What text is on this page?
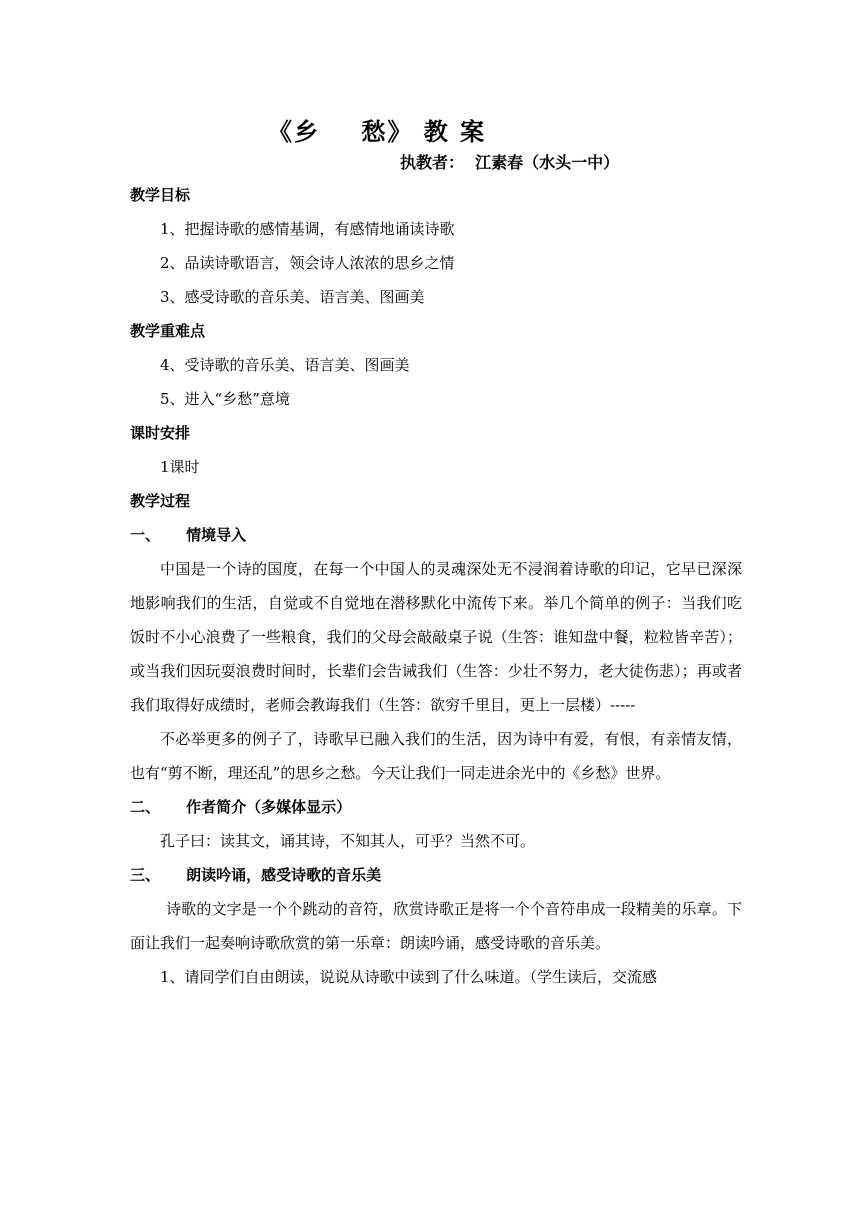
《乡    愁》 教 案
执教者：  江素春（水头一中）
教学目标
1、把握诗歌的感情基调，有感情地诵读诗歌
2、品读诗歌语言，领会诗人浓浓的思乡之情
3、感受诗歌的音乐美、语言美、图画美
教学重难点
4、受诗歌的音乐美、语言美、图画美
5、进入“乡愁”意境
课时安排
1课时
教学过程
一、     情境导入
中国是一个诗的国度，在每一个中国人的灵魂深处无不浸润着诗歌的印记，它早已深深地影响我们的生活，自觉或不自觉地在潜移默化中流传下来。举几个简单的例子：当我们吃饭时不小心浪费了一些粮食，我们的父母会敲敲桌子说（生答：谁知盘中餐，粒粒皆辛苦）；或当我们因玩耍浪费时间时，长辈们会告诫我们（生答：少壮不努力，老大徒伤悲）；再或者我们取得好成绩时，老师会教诲我们（生答：欲穷千里目，更上一层楼）-----
不必举更多的例子了，诗歌早已融入我们的生活，因为诗中有爱，有恨，有亲情友情，也有“剪不断，理还乱”的思乡之愁。今天让我们一同走进余光中的《乡愁》世界。
二、     作者简介（多媒体显示）
孔子曰：读其文，诵其诗，不知其人，可乎？当然不可。
三、     朗读吟诵，感受诗歌的音乐美
诗歌的文字是一个个跳动的音符，欣赏诗歌正是将一个个音符串成一段精美的乐章。下面让我们一起奏响诗歌欣赏的第一乐章：朗读吟诵，感受诗歌的音乐美。
1、请同学们自由朗读，说说从诗歌中读到了什么味道。（学生读后，交流感
